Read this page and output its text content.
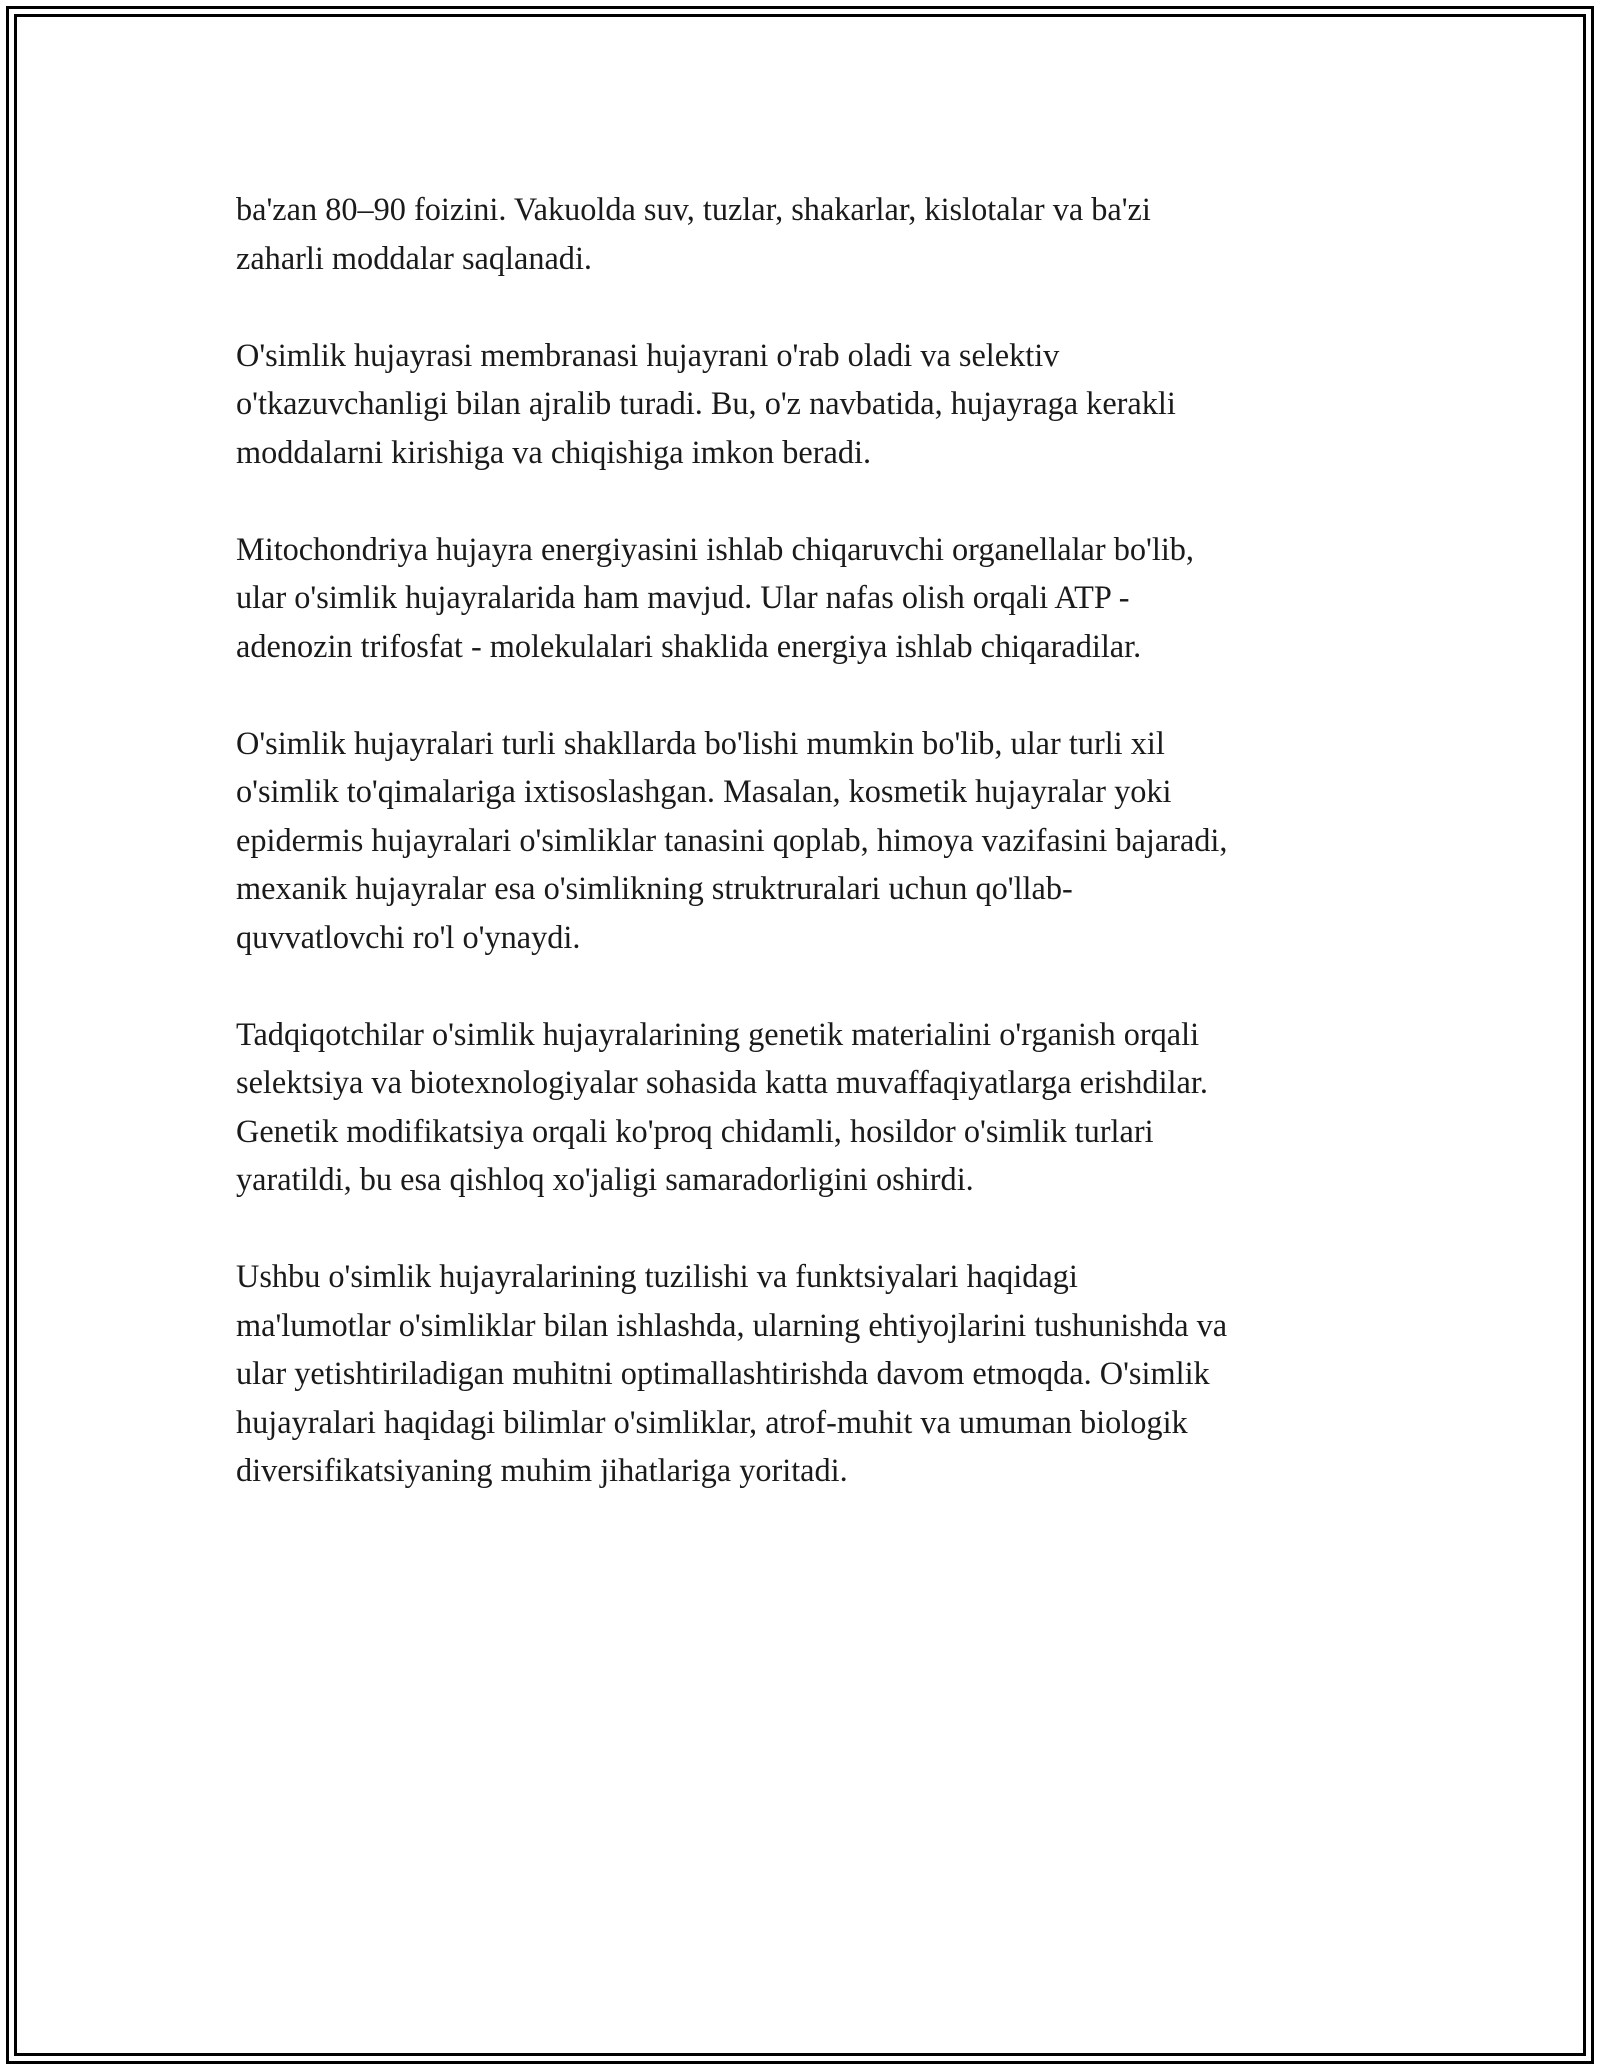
ba'zan 80–90 foizini. Vakuolda suv, tuzlar, shakarlar, kislotalar va ba'zi
zaharli moddalar saqlanadi.
O'simlik hujayrasi membranasi hujayrani o'rab oladi va selektiv
o'tkazuvchanligi bilan ajralib turadi. Bu, o'z navbatida, hujayraga kerakli
moddalarni kirishiga va chiqishiga imkon beradi.
Mitochondriya hujayra energiyasini ishlab chiqaruvchi organellalar bo'lib,
ular o'simlik hujayralarida ham mavjud. Ular nafas olish orqali ATP -
adenozin trifosfat - molekulalari shaklida energiya ishlab chiqaradilar.
O'simlik hujayralari turli shakllarda bo'lishi mumkin bo'lib, ular turli xil
o'simlik to'qimalariga ixtisoslashgan. Masalan, kosmetik hujayralar yoki
epidermis hujayralari o'simliklar tanasini qoplab, himoya vazifasini bajaradi,
mexanik hujayralar esa o'simlikning struktruralari uchun qo'llab-
quvvatlovchi ro'l o'ynaydi.
Tadqiqotchilar o'simlik hujayralarining genetik materialini o'rganish orqali
selektsiya va biotexnologiyalar sohasida katta muvaffaqiyatlarga erishdilar.
Genetik modifikatsiya orqali ko'proq chidamli, hosildor o'simlik turlari
yaratildi, bu esa qishloq xo'jaligi samaradorligini oshirdi.
Ushbu o'simlik hujayralarining tuzilishi va funktsiyalari haqidagi
ma'lumotlar o'simliklar bilan ishlashda, ularning ehtiyojlarini tushunishda va
ular yetishtiriladigan muhitni optimallashtirishda davom etmoqda. O'simlik
hujayralari haqidagi bilimlar o'simliklar, atrof-muhit va umuman biologik
diversifikatsiyaning muhim jihatlariga yoritadi.
